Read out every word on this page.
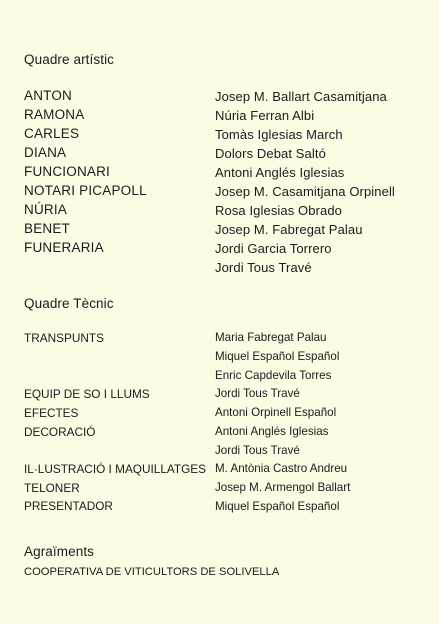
Quadre artístic
ANTON	Josep M. Ballart Casamitjana
RAMONA	Núria Ferran Albi
CARLES	Tomàs Iglesias March
DIANA	Dolors Debat Saltó
FUNCIONARI	Antoni Anglés Iglesias
NOTARI PICAPOLL	Josep M. Casamitjana Orpinell
NÚRIA	Rosa Iglesias Obrado
BENET	Josep M. Fabregat Palau
FUNERARIA	Jordi Garcia Torrero
Jordi Tous Travé
Quadre Tècnic
TRANSPUNTS	Maria Fabregat Palau
Miquel Español Español
Enric Capdevila Torres
EQUIP DE SO I LLUMS	Jordi Tous Travé
EFECTES	Antoni Orpinell Español
DECORACIÓ	Antoni Anglés Iglesias
Jordi Tous Travé
IL·LUSTRACIÓ I MAQUILLATGES M. Antònia Castro Andreu
TELONER	Josep M. Armengol Ballart
PRESENTADOR	Miquel Español Español
Agraïments
COOPERATIVA DE VITICULTORS DE SOLIVELLA
